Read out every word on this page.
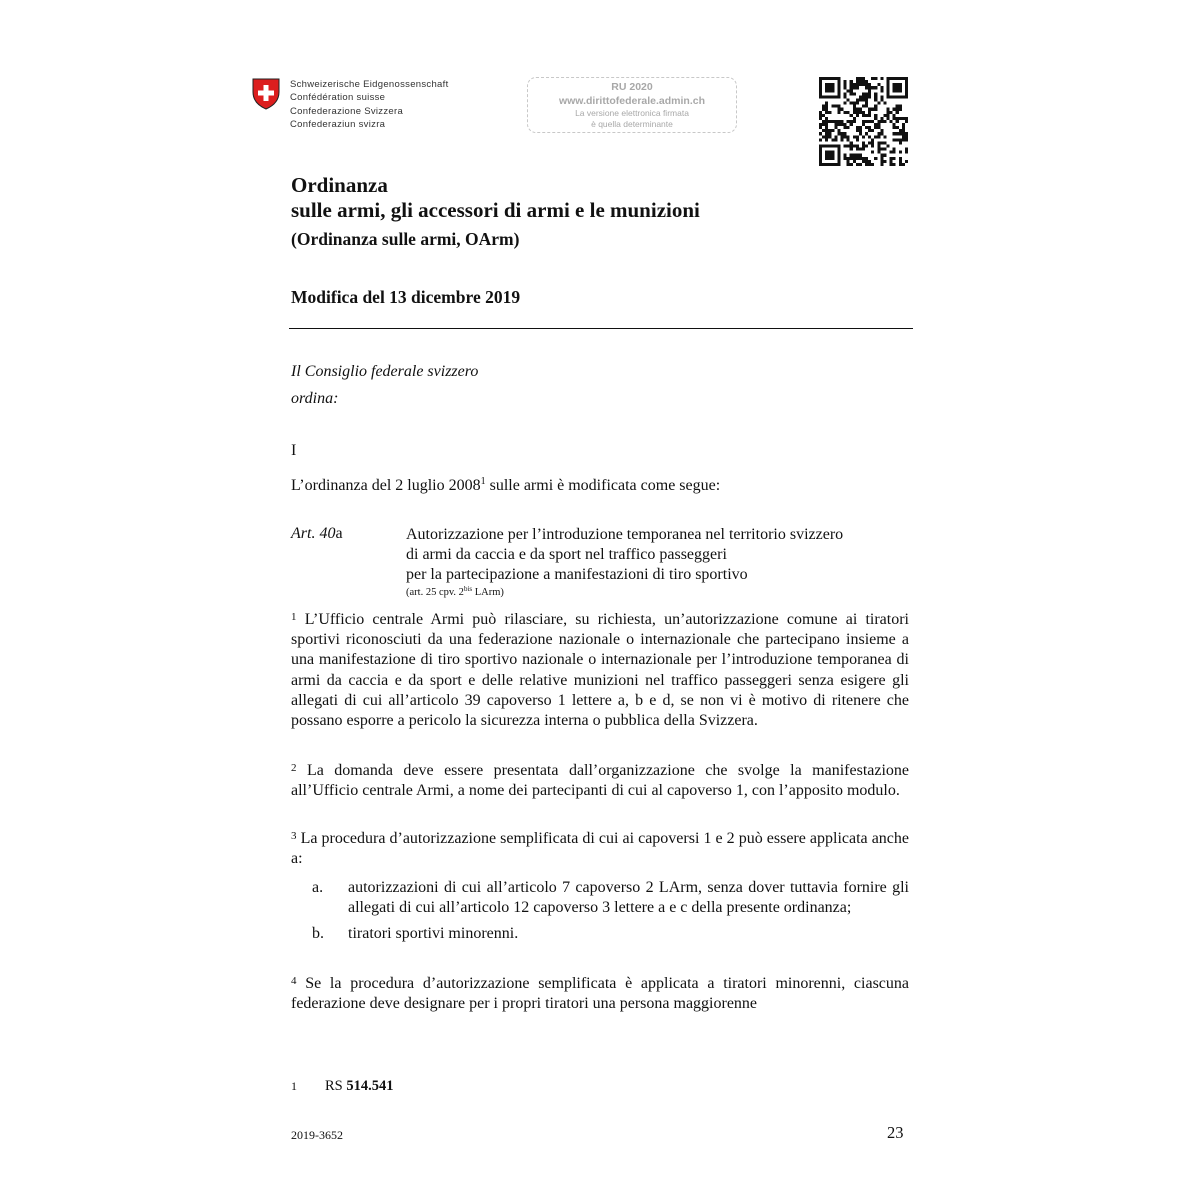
Schweizerische Eidgenossenschaft
Confédération suisse
Confederazione Svizzera
Confederaziun svizra
RU 2020
www.dirittofederale.admin.ch
La versione elettronica firmata
è quella determinante
Ordinanza
sulle armi, gli accessori di armi e le munizioni
(Ordinanza sulle armi, OArm)
Modifica del 13 dicembre 2019
Il Consiglio federale svizzero
ordina:
I
L’ordinanza del 2 luglio 2008$^1$ sulle armi è modificata come segue:
Art. 40a	Autorizzazione per l’introduzione temporanea nel territorio svizzero
di armi da caccia e da sport nel traffico passeggeri
per la partecipazione a manifestazioni di tiro sportivo
(art. 25 cpv. $2^{bis}$ LArm)
$^1$ L’Ufficio centrale Armi può rilasciare, su richiesta, un’autorizzazione comune ai tiratori sportivi riconosciuti da una federazione nazionale o internazionale che partecipano insieme a una manifestazione di tiro sportivo nazionale o internazionale per l’introduzione temporanea di armi da caccia e da sport e delle relative munizioni nel traffico passeggeri senza esigere gli allegati di cui all’articolo 39 capoverso 1 lettere a, b e d, se non vi è motivo di ritenere che possano esporre a pericolo la sicurezza interna o pubblica della Svizzera.
$^2$ La domanda deve essere presentata dall’organizzazione che svolge la manifestazione all’Ufficio centrale Armi, a nome dei partecipanti di cui al capoverso 1, con l’apposito modulo.
$^3$ La procedura d’autorizzazione semplificata di cui ai capoversi 1 e 2 può essere applicata anche a:
a. autorizzazioni di cui all’articolo 7 capoverso 2 LArm, senza dover tuttavia fornire gli allegati di cui all’articolo 12 capoverso 3 lettere a e c della presente ordinanza;
b. tiratori sportivi minorenni.
$^4$ Se la procedura d’autorizzazione semplificata è applicata a tiratori minorenni, ciascuna federazione deve designare per i propri tiratori una persona maggiorenne
1 RS 514.541
2019-3652	23
